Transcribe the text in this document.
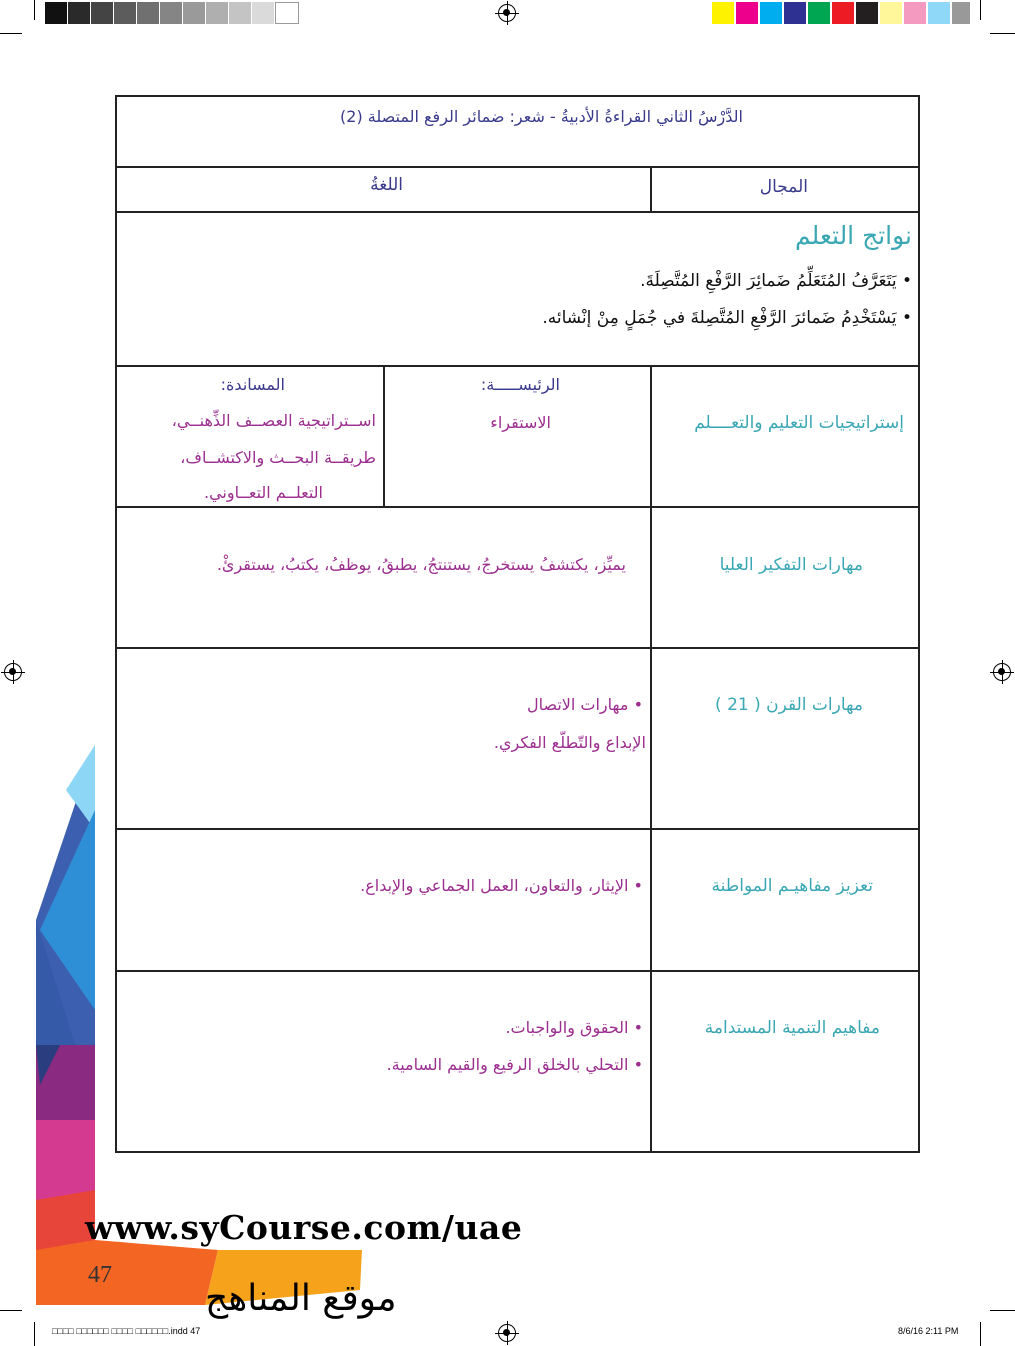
الدَّرْسُ الثاني القراءةُ الأدبيةُ - شعر: ضمائر الرفع المتصلة (2)
المجال
اللغةُ
نواتج التعلم
• يَتَعَرَّفُ المُتَعَلِّمُ ضَمائِرَ الرَّفْعِ المُتَّصِلَةَ.
• يَسْتَخْدِمُ ضَمائرَ الرَّفْعِ المُتَّصِلةَ في جُمَلٍ مِنْ إنْشائه.
إستراتيجيات التعليم والتعــــلم
الرئيســـــة:
الاستقراء
المساندة:
اســتراتيجية العصــف الذِّهنــي،
طريقــة البحــث والاكتشــاف،
التعلــم التعــاوني.
مهارات التفكير العليا
يميِّز، يكتشفُ يستخرجُ، يستنتجُ، يطبقُ، يوظفُ، يكتبُ، يستقرئْ.
مهارات القرن ( 21 )
• مهارات الاتصال
الإبداع والتّطلّع الفكري.
تعزيز مفاهيـم المواطنة
• الإيثار، والتعاون، العمل الجماعي والإبداع.
مفاهيم التنمية المستدامة
• الحقوق والواجبات.
• التحلي بالخلق الرفيع والقيم السامية.
www.syCourse.com/uae
47
موقع المناهج
□□□□ □□□□□□ □□□□ □□□□□□.indd 47	8/6/16 2:11 PM
